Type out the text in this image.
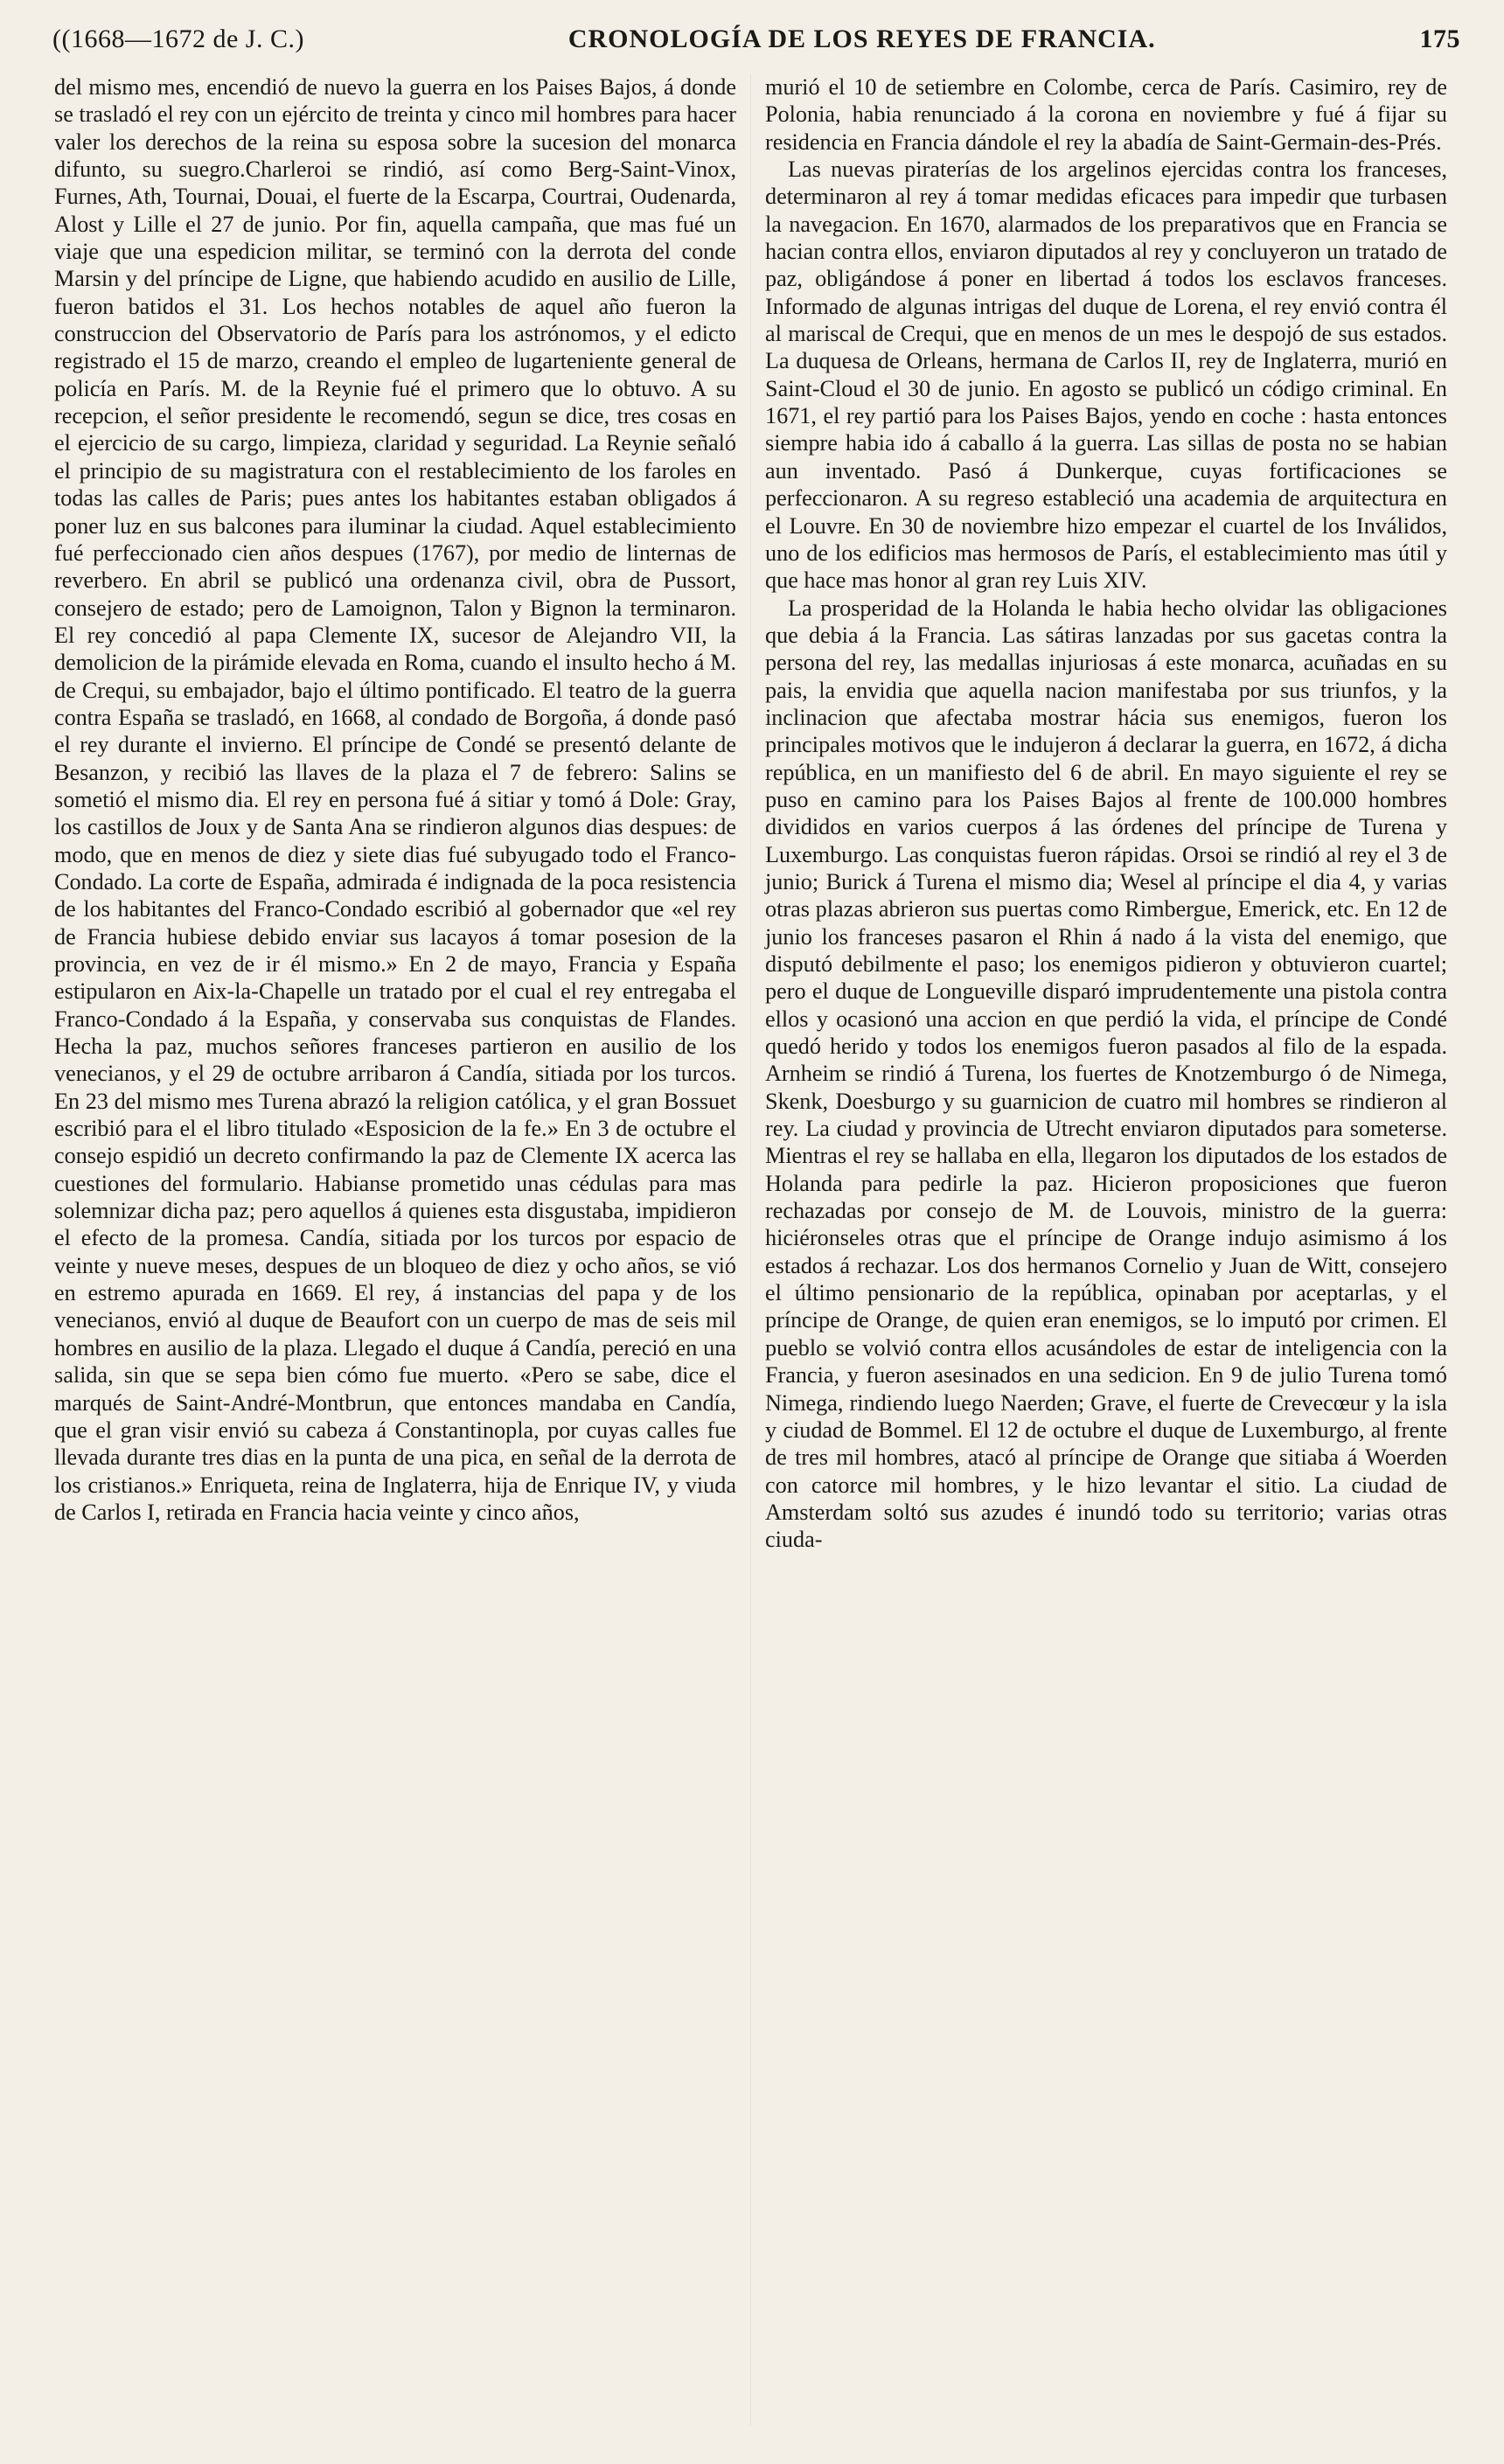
((1668—1672 de J. C.)	CRONOLOGÍA DE LOS REYES DE FRANCIA.	175

del mismo mes, encendió de nuevo la guerra en los Paises Bajos, á donde se trasladó el rey con un ejército de treinta y cinco mil hombres para hacer valer los derechos de la reina su esposa sobre la sucesion del monarca difunto, su suegro.Charleroi se rindió, así como Berg-Saint-Vinox, Furnes, Ath, Tournai, Douai, el fuerte de la Escarpa, Courtrai, Oudenarda, Alost y Lille el 27 de junio. Por fin, aquella campaña, que mas fué un viaje que una espedicion militar, se terminó con la derrota del conde Marsin y del príncipe de Ligne, que habiendo acudido en ausilio de Lille, fueron batidos el 31. Los hechos notables de aquel año fueron la construccion del Observatorio de París para los astrónomos, y el edicto registrado el 15 de marzo, creando el empleo de lugarteniente general de policía en París. M. de la Reynie fué el primero que lo obtuvo. A su recepcion, el señor presidente le recomendó, segun se dice, tres cosas en el ejercicio de su cargo, limpieza, claridad y seguridad. La Reynie señaló el principio de su magistratura con el restablecimiento de los faroles en todas las calles de Paris; pues antes los habitantes estaban obligados á poner luz en sus balcones para iluminar la ciudad. Aquel establecimiento fué perfeccionado cien años despues (1767), por medio de linternas de reverbero. En abril se publicó una ordenanza civil, obra de Pussort, consejero de estado; pero de Lamoignon, Talon y Bignon la terminaron. El rey concedió al papa Clemente IX, sucesor de Alejandro VII, la demolicion de la pirámide elevada en Roma, cuando el insulto hecho á M. de Crequi, su embajador, bajo el último pontificado. El teatro de la guerra contra España se trasladó, en 1668, al condado de Borgoña, á donde pasó el rey durante el invierno. El príncipe de Condé se presentó delante de Besanzon, y recibió las llaves de la plaza el 7 de febrero: Salins se sometió el mismo dia. El rey en persona fué á sitiar y tomó á Dole: Gray, los castillos de Joux y de Santa Ana se rindieron algunos dias despues: de modo, que en menos de diez y siete dias fué subyugado todo el Franco-Condado. La corte de España, admirada é indignada de la poca resistencia de los habitantes del Franco-Condado escribió al gobernador que «el rey de Francia hubiese debido enviar sus lacayos á tomar posesion de la provincia, en vez de ir él mismo.» En 2 de mayo, Francia y España estipularon en Aix-la-Chapelle un tratado por el cual el rey entregaba el Franco-Condado á la España, y conservaba sus conquistas de Flandes. Hecha la paz, muchos señores franceses partieron en ausilio de los venecianos, y el 29 de octubre arribaron á Candía, sitiada por los turcos. En 23 del mismo mes Turena abrazó la religion católica, y el gran Bossuet escribió para el el libro titulado «Esposicion de la fe.» En 3 de octubre el consejo espidió un decreto confirmando la paz de Clemente IX acerca las cuestiones del formulario. Habianse prometido unas cédulas para mas solemnizar dicha paz; pero aquellos á quienes esta disgustaba, impidieron el efecto de la promesa. Candía, sitiada por los turcos por espacio de veinte y nueve meses, despues de un bloqueo de diez y ocho años, se vió en estremo apurada en 1669. El rey, á instancias del papa y de los venecianos, envió al duque de Beaufort con un cuerpo de mas de seis mil hombres en ausilio de la plaza. Llegado el duque á Candía, pereció en una salida, sin que se sepa bien cómo fue muerto. «Pero se sabe, dice el marqués de Saint-André-Montbrun, que entonces mandaba en Candía, que el gran visir envió su cabeza á Constantinopla, por cuyas calles fue llevada durante tres dias en la punta de una pica, en señal de la derrota de los cristianos.» Enriqueta, reina de Inglaterra, hija de Enrique IV, y viuda de Carlos I, retirada en Francia hacia veinte y cinco años,

murió el 10 de setiembre en Colombe, cerca de París. Casimiro, rey de Polonia, habia renunciado á la corona en noviembre y fué á fijar su residencia en Francia dándole el rey la abadía de Saint-Germain-des-Prés.

Las nuevas piraterías de los argelinos ejercidas contra los franceses, determinaron al rey á tomar medidas eficaces para impedir que turbasen la navegacion. En 1670, alarmados de los preparativos que en Francia se hacian contra ellos, enviaron diputados al rey y concluyeron un tratado de paz, obligándose á poner en libertad á todos los esclavos franceses. Informado de algunas intrigas del duque de Lorena, el rey envió contra él al mariscal de Crequi, que en menos de un mes le despojó de sus estados. La duquesa de Orleans, hermana de Carlos II, rey de Inglaterra, murió en Saint-Cloud el 30 de junio. En agosto se publicó un código criminal. En 1671, el rey partió para los Paises Bajos, yendo en coche : hasta entonces siempre habia ido á caballo á la guerra. Las sillas de posta no se habian aun inventado. Pasó á Dunkerque, cuyas fortificaciones se perfeccionaron. A su regreso estableció una academia de arquitectura en el Louvre. En 30 de noviembre hizo empezar el cuartel de los Inválidos, uno de los edificios mas hermosos de París, el establecimiento mas útil y que hace mas honor al gran rey Luis XIV.

La prosperidad de la Holanda le habia hecho olvidar las obligaciones que debia á la Francia. Las sátiras lanzadas por sus gacetas contra la persona del rey, las medallas injuriosas á este monarca, acuñadas en su pais, la envidia que aquella nacion manifestaba por sus triunfos, y la inclinacion que afectaba mostrar hácia sus enemigos, fueron los principales motivos que le indujeron á declarar la guerra, en 1672, á dicha república, en un manifiesto del 6 de abril. En mayo siguiente el rey se puso en camino para los Paises Bajos al frente de 100.000 hombres divididos en varios cuerpos á las órdenes del príncipe de Turena y Luxemburgo. Las conquistas fueron rápidas. Orsoi se rindió al rey el 3 de junio; Burick á Turena el mismo dia; Wesel al príncipe el dia 4, y varias otras plazas abrieron sus puertas como Rimbergue, Emerick, etc. En 12 de junio los franceses pasaron el Rhin á nado á la vista del enemigo, que disputó debilmente el paso; los enemigos pidieron y obtuvieron cuartel; pero el duque de Longueville disparó imprudentemente una pistola contra ellos y ocasionó una accion en que perdió la vida, el príncipe de Condé quedó herido y todos los enemigos fueron pasados al filo de la espada. Arnheim se rindió á Turena, los fuertes de Knotzemburgo ó de Nimega, Skenk, Doesburgo y su guarnicion de cuatro mil hombres se rindieron al rey. La ciudad y provincia de Utrecht enviaron diputados para someterse. Mientras el rey se hallaba en ella, llegaron los diputados de los estados de Holanda para pedirle la paz. Hicieron proposiciones que fueron rechazadas por consejo de M. de Louvois, ministro de la guerra: hiciéronseles otras que el príncipe de Orange indujo asimismo á los estados á rechazar. Los dos hermanos Cornelio y Juan de Witt, consejero el último pensionario de la república, opinaban por aceptarlas, y el príncipe de Orange, de quien eran enemigos, se lo imputó por crimen. El pueblo se volvió contra ellos acusándoles de estar de inteligencia con la Francia, y fueron asesinados en una sedicion. En 9 de julio Turena tomó Nimega, rindiendo luego Naerden; Grave, el fuerte de Crevecœur y la isla y ciudad de Bommel. El 12 de octubre el duque de Luxemburgo, al frente de tres mil hombres, atacó al príncipe de Orange que sitiaba á Woerden con catorce mil hombres, y le hizo levantar el sitio. La ciudad de Amsterdam soltó sus azudes é inundó todo su territorio; varias otras ciuda-
